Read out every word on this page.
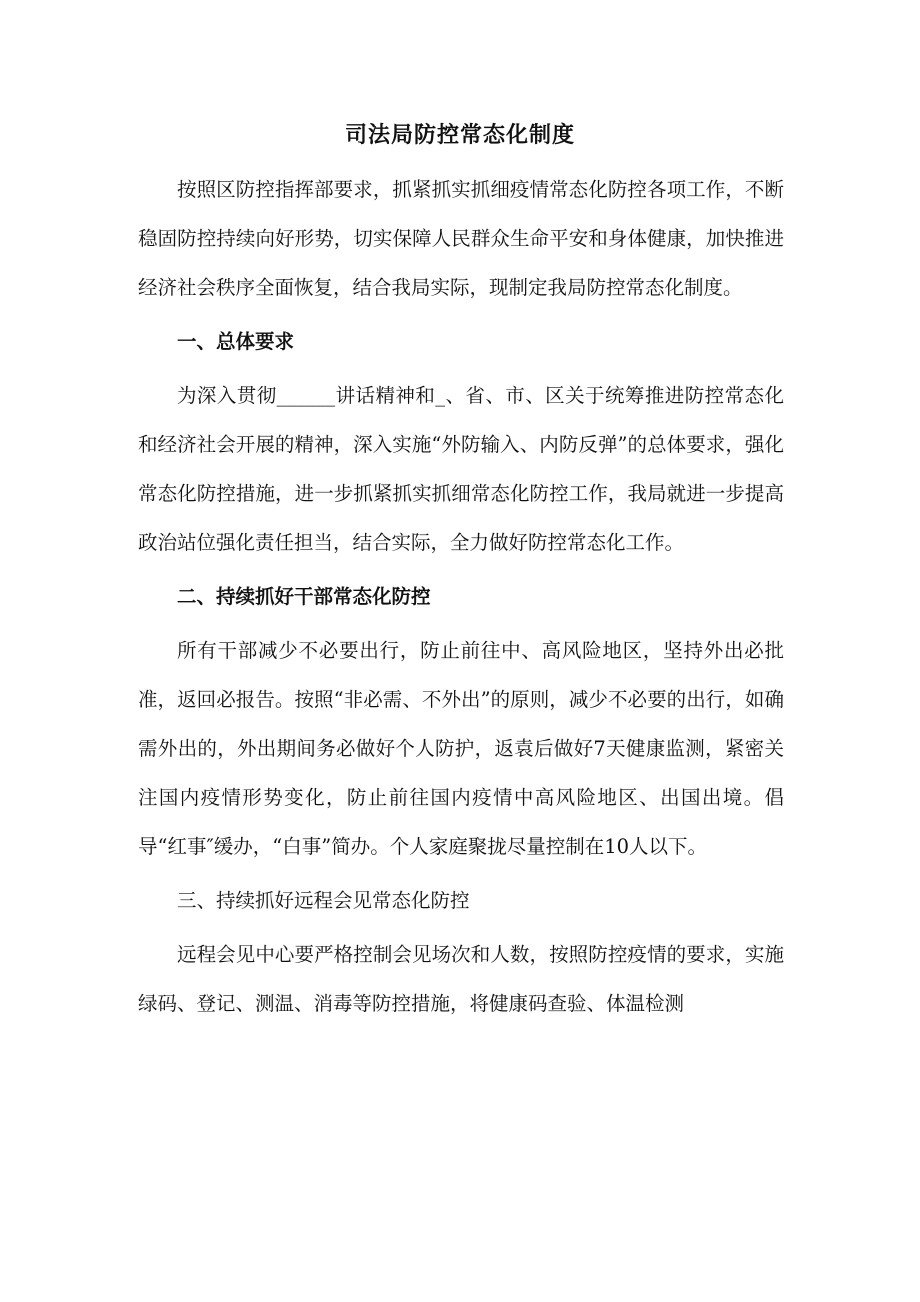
司法局防控常态化制度

按照区防控指挥部要求，抓紧抓实抓细疫情常态化防控各项工作，不断稳固防控持续向好形势，切实保障人民群众生命平安和身体健康，加快推进经济社会秩序全面恢复，结合我局实际，现制定我局防控常态化制度。

一、总体要求

为深入贯彻______讲话精神和_、省、市、区关于统筹推进防控常态化和经济社会开展的精神，深入实施“外防输入、内防反弹”的总体要求，强化常态化防控措施，进一步抓紧抓实抓细常态化防控工作，我局就进一步提高政治站位强化责任担当，结合实际，全力做好防控常态化工作。

二、持续抓好干部常态化防控

所有干部减少不必要出行，防止前往中、高风险地区，坚持外出必批准，返回必报告。按照“非必需、不外出”的原则，减少不必要的出行，如确需外出的，外出期间务必做好个人防护，返袁后做好7天健康监测，紧密关注国内疫情形势变化，防止前往国内疫情中高风险地区、出国出境。倡导“红事″缓办，“白事”简办。个人家庭聚拢尽量控制在10人以下。

三、持续抓好远程会见常态化防控

远程会见中心要严格控制会见场次和人数，按照防控疫情的要求，实施绿码、登记、测温、消毒等防控措施，将健康码查验、体温检测
